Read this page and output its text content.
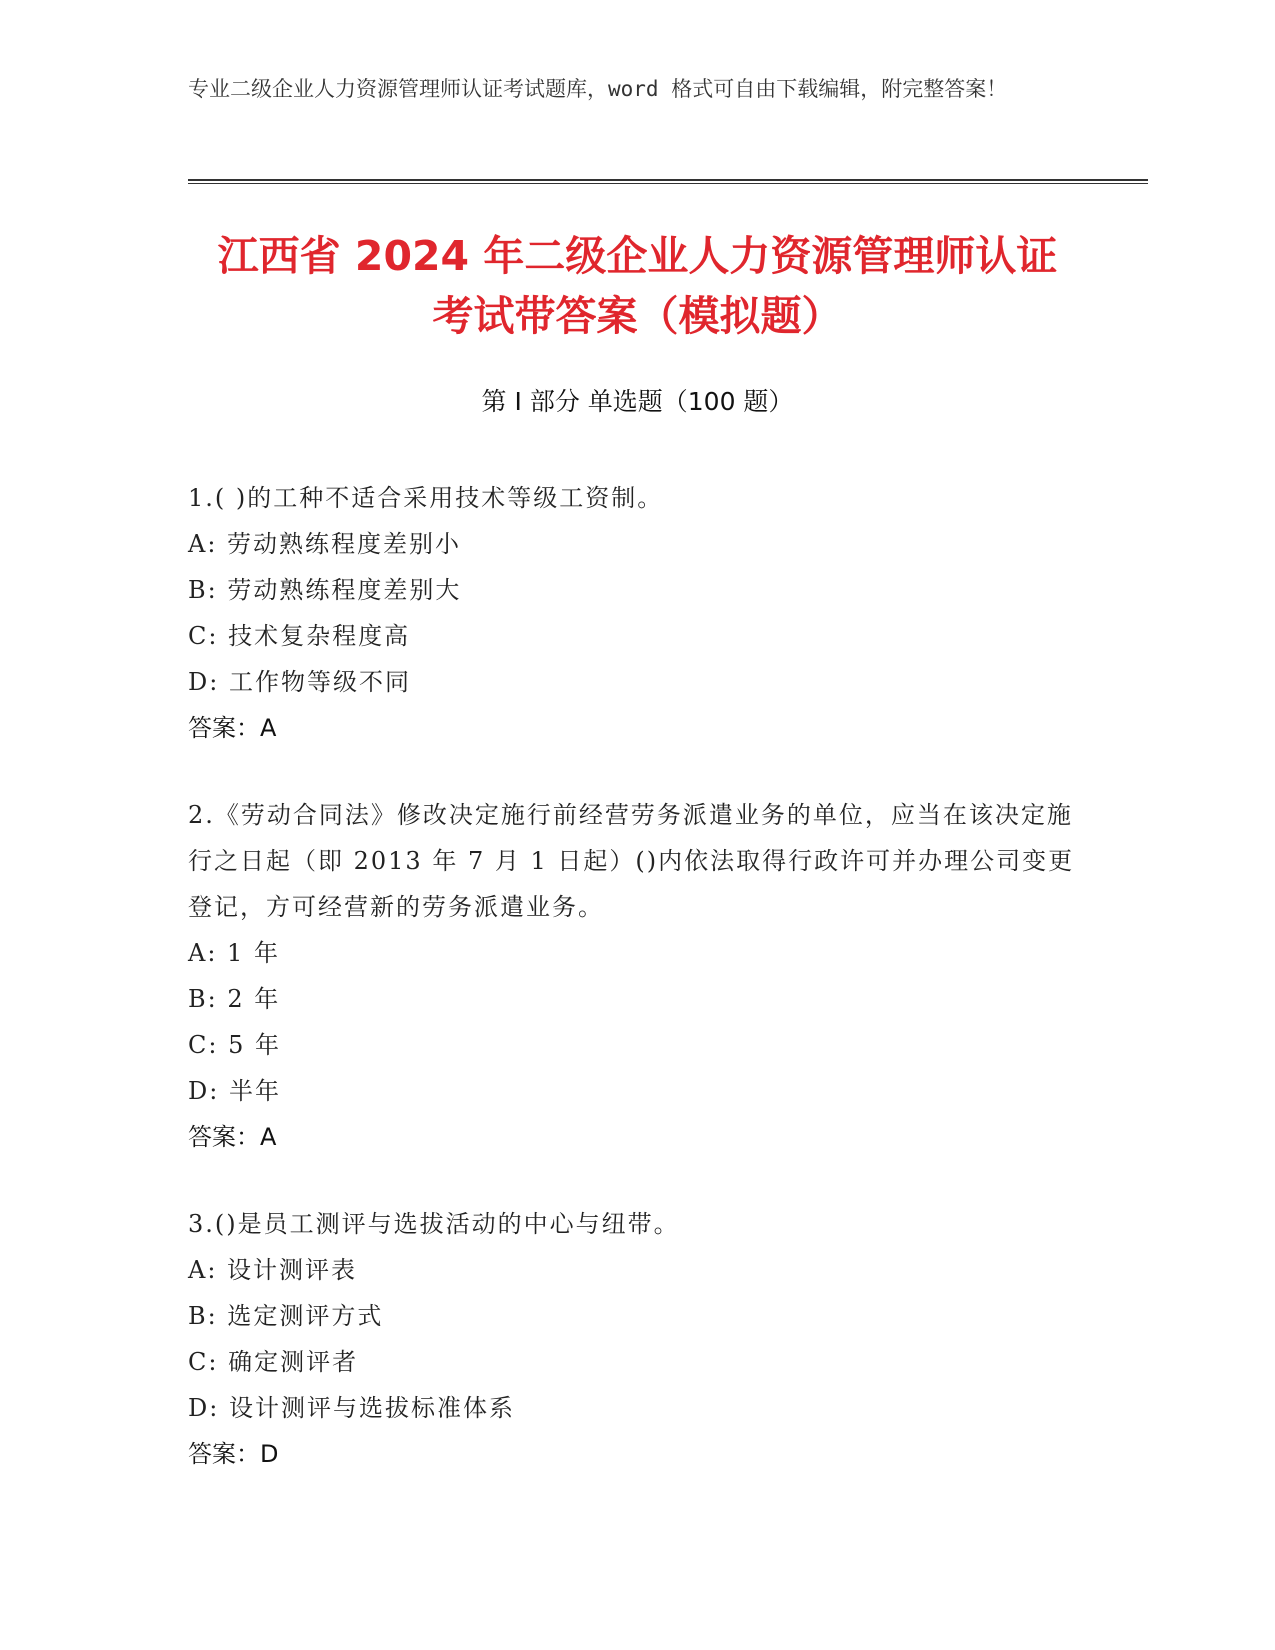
专业二级企业人力资源管理师认证考试题库，word 格式可自由下载编辑，附完整答案！
江西省 2024 年二级企业人力资源管理师认证
考试带答案（模拟题）
第 I 部分 单选题（100 题）
1.( )的工种不适合采用技术等级工资制。
A: 劳动熟练程度差别小
B: 劳动熟练程度差别大
C: 技术复杂程度高
D: 工作物等级不同
答案：A
2.《劳动合同法》修改决定施行前经营劳务派遣业务的单位，应当在该决定施行之日起（即 2013 年 7 月 1 日起）()内依法取得行政许可并办理公司变更登记，方可经营新的劳务派遣业务。
A: 1 年
B: 2 年
C: 5 年
D: 半年
答案：A
3.()是员工测评与选拔活动的中心与纽带。
A: 设计测评表
B: 选定测评方式
C: 确定测评者
D: 设计测评与选拔标准体系
答案：D
